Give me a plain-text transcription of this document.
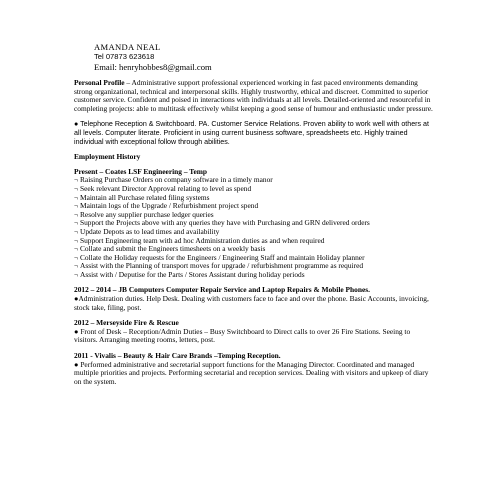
AMANDA NEAL
Tel 07873 623618
Email: henryhobbes8@gmail.com

Personal Profile – Administrative support professional experienced working in fast paced environments demanding strong organizational, technical and interpersonal skills. Highly trustworthy, ethical and discreet. Committed to superior customer service. Confident and poised in interactions with individuals at all levels. Detailed-oriented and resourceful in completing projects: able to multitask effectively whilst keeping a good sense of humour and enthusiastic under pressure.

● Telephone Reception & Switchboard. PA. Customer Service Relations. Proven ability to work well with others at all levels. Computer literate. Proficient in using current business software, spreadsheets etc. Highly trained individual with exceptional follow through abilities.

Employment History
Present – Coates LSF Engineering – Temp
¬ Raising Purchase Orders on company software in a timely manor
¬ Seek relevant Director Approval relating to level as spend
¬ Maintain all Purchase related filing systems
¬ Maintain logs of the Upgrade / Refurbishment project spend
¬ Resolve any supplier purchase ledger queries
¬ Support the Projects above with any queries they have with Purchasing and GRN delivered orders
¬ Update Depots as to lead times and availability
¬ Support Engineering team with ad hoc Administration duties as and when required
¬ Collate and submit the Engineers timesheets on a weekly basis
¬ Collate the Holiday requests for the Engineers / Engineering Staff and maintain Holiday planner
¬ Assist with the Planning of transport moves for upgrade / refurbishment programme as required
¬ Assist with / Deputise for the Parts / Stores Assistant during holiday periods
2012 – 2014 – JB Computers Computer Repair Service and Laptop Repairs & Mobile Phones.
●Administration duties. Help Desk. Dealing with customers face to face and over the phone. Basic Accounts, invoicing, stock take, filing, post.
2012 – Merseyside Fire & Rescue
● Front of Desk – Reception/Admin Duties – Busy Switchboard to Direct calls to over 26 Fire Stations. Seeing to visitors. Arranging meeting rooms, letters, post.
2011 - Vivalis – Beauty & Hair Care Brands –Temping Reception.
● Performed administrative and secretarial support functions for the Managing Director. Coordinated and managed multiple priorities and projects. Performing secretarial and reception services. Dealing with visitors and upkeep of diary on the system.
